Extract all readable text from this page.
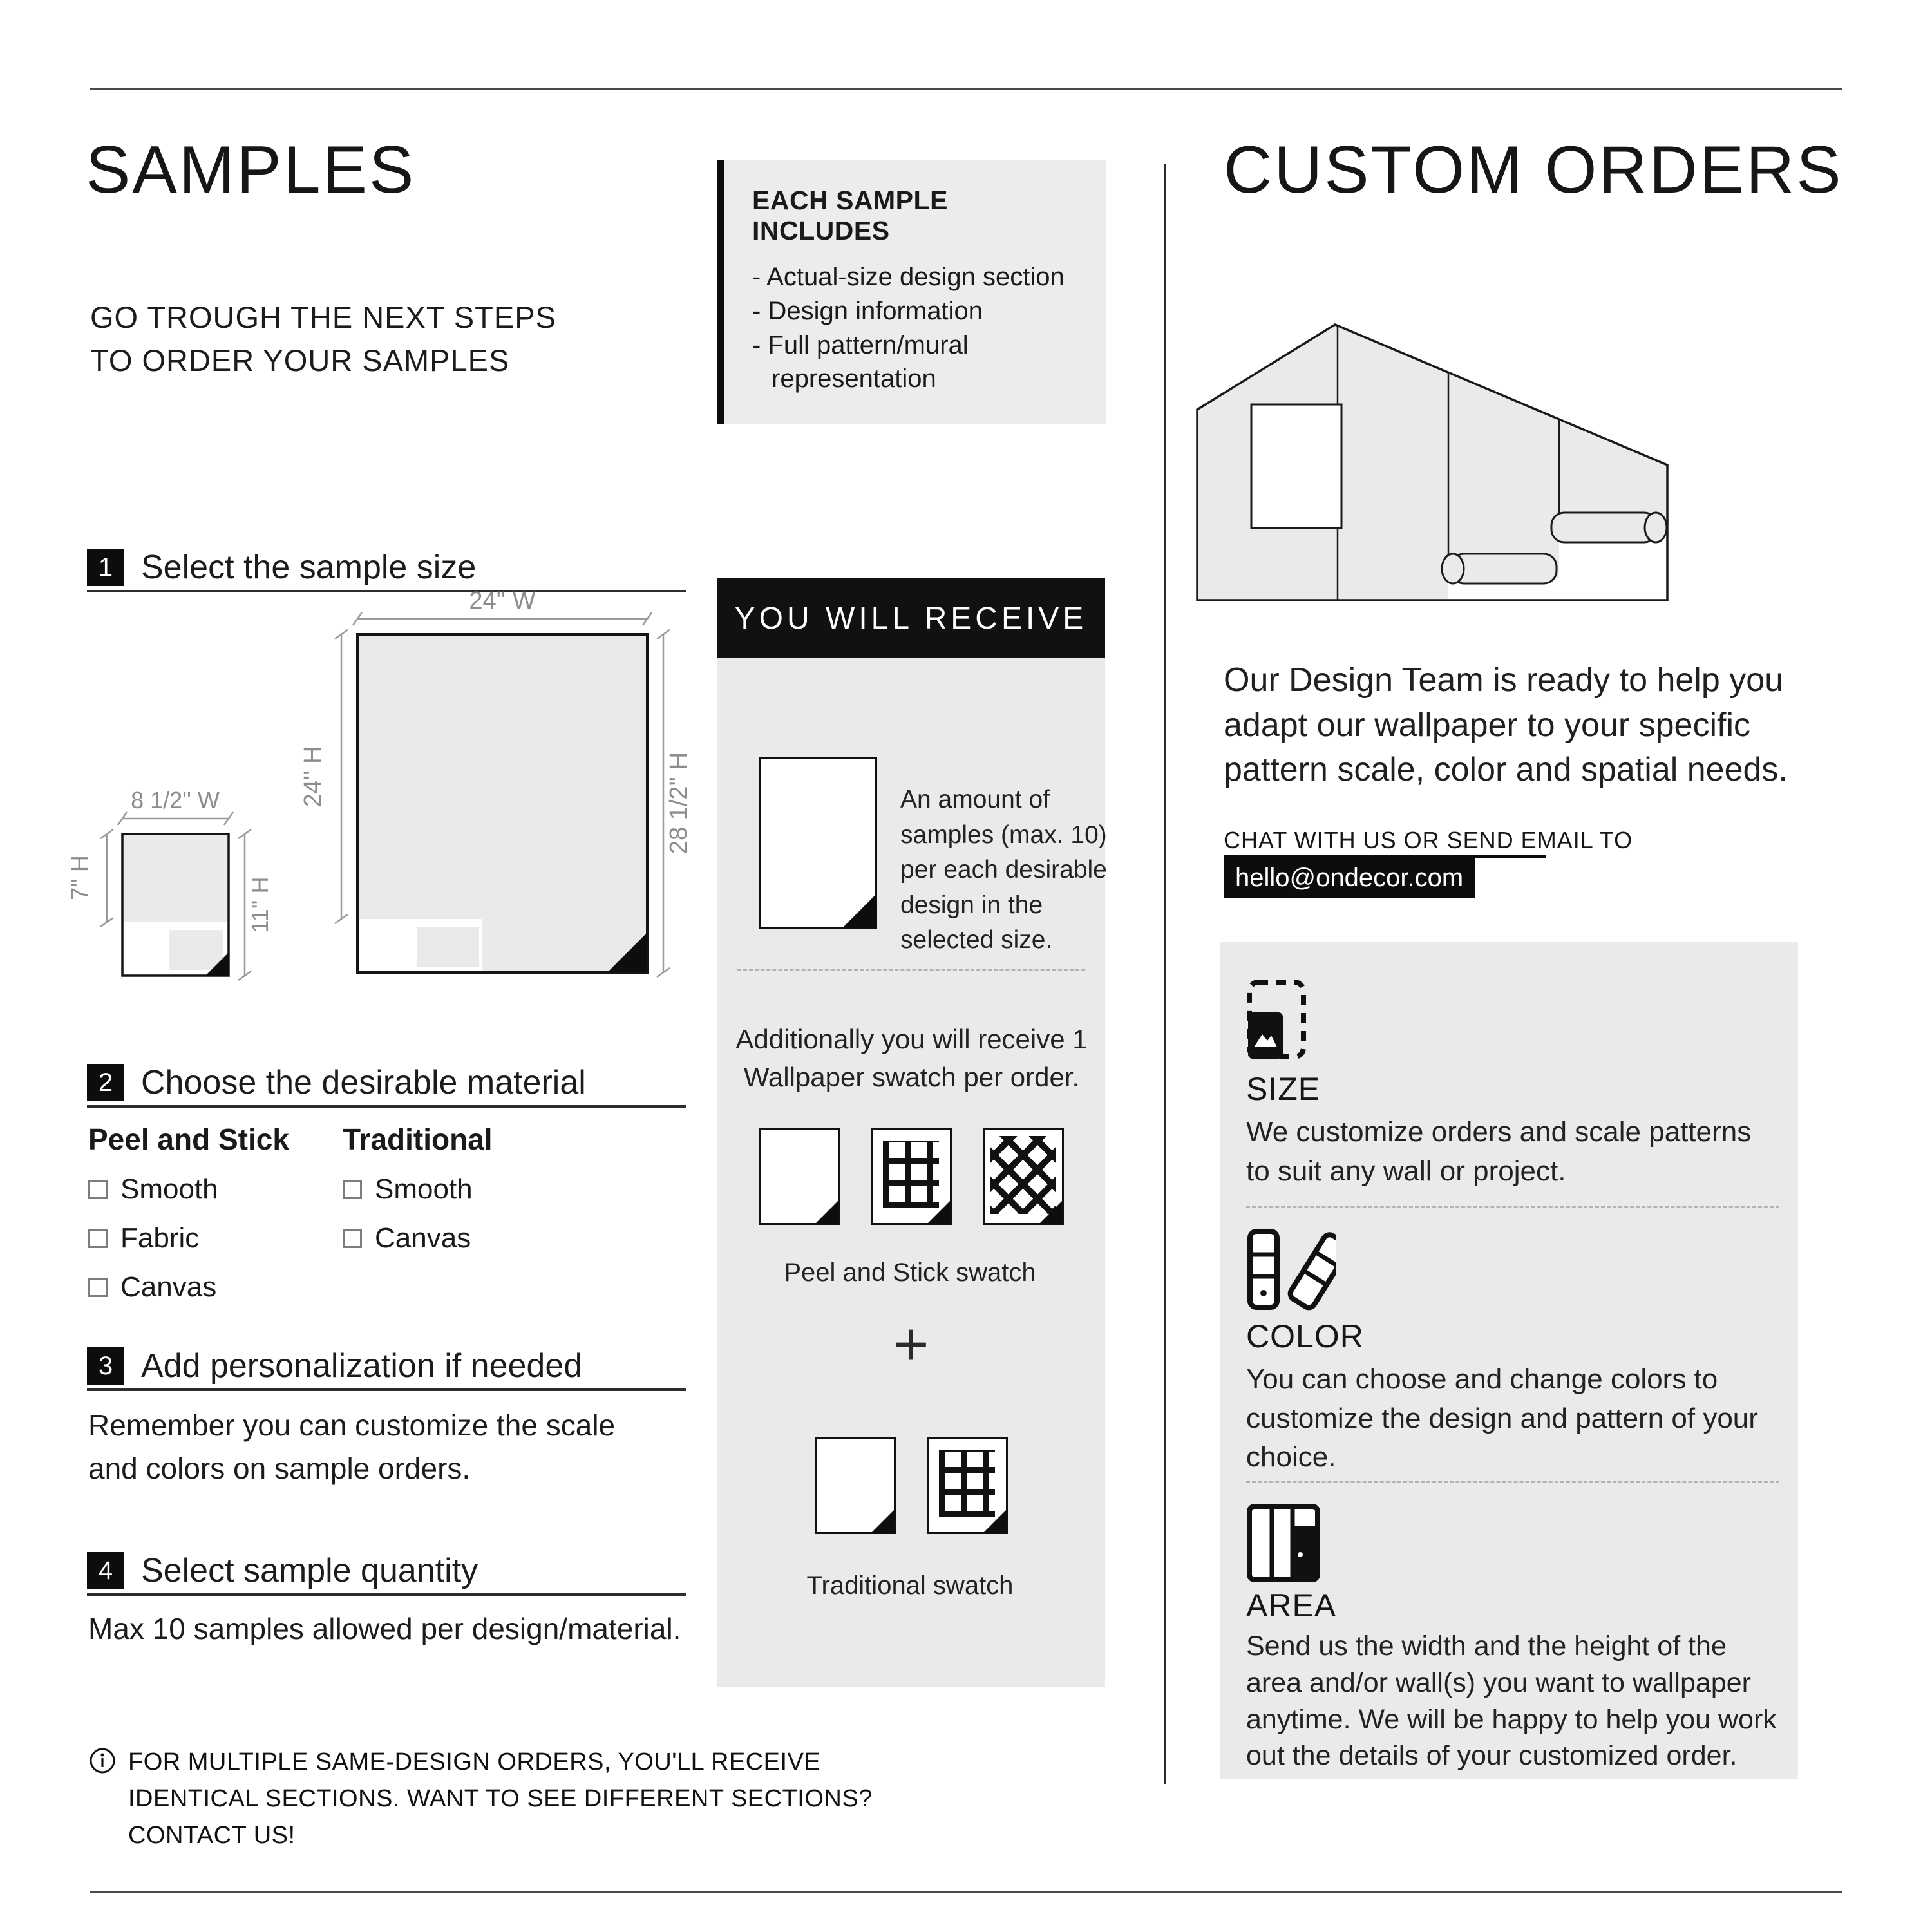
SAMPLES
GO TROUGH THE NEXT STEPS
TO ORDER YOUR SAMPLES
EACH SAMPLE INCLUDES
- Actual-size design section
- Design information
- Full pattern/mural representation
1 Select the sample size
24'' W
24'' H	28 1/2'' H
8 1/2'' W
7'' H	11'' H
2 Choose the desirable material
Peel and Stick
Smooth
Fabric
Canvas
Traditional
Smooth
Canvas
3 Add personalization if needed
Remember you can customize the scale and colors on sample orders.
4 Select sample quantity
Max 10 samples allowed per design/material.
FOR MULTIPLE SAME-DESIGN ORDERS, YOU'LL RECEIVE IDENTICAL SECTIONS. WANT TO SEE DIFFERENT SECTIONS? CONTACT US!
YOU WILL RECEIVE
An amount of samples (max. 10) per each desirable design in the selected size.
Additionally you will receive 1 Wallpaper swatch per order.
Peel and Stick swatch
+
Traditional swatch
CUSTOM ORDERS
Our Design Team is ready to help you adapt our wallpaper to your specific pattern scale, color and spatial needs.
CHAT WITH US OR SEND EMAIL TO
hello@ondecor.com
SIZE
We customize orders and scale patterns to suit any wall or project.
COLOR
You can choose and change colors to customize the design and pattern of your choice.
AREA
Send us the width and the height of the area and/or wall(s) you want to wallpaper anytime. We will be happy to help you work out the details of your customized order.
